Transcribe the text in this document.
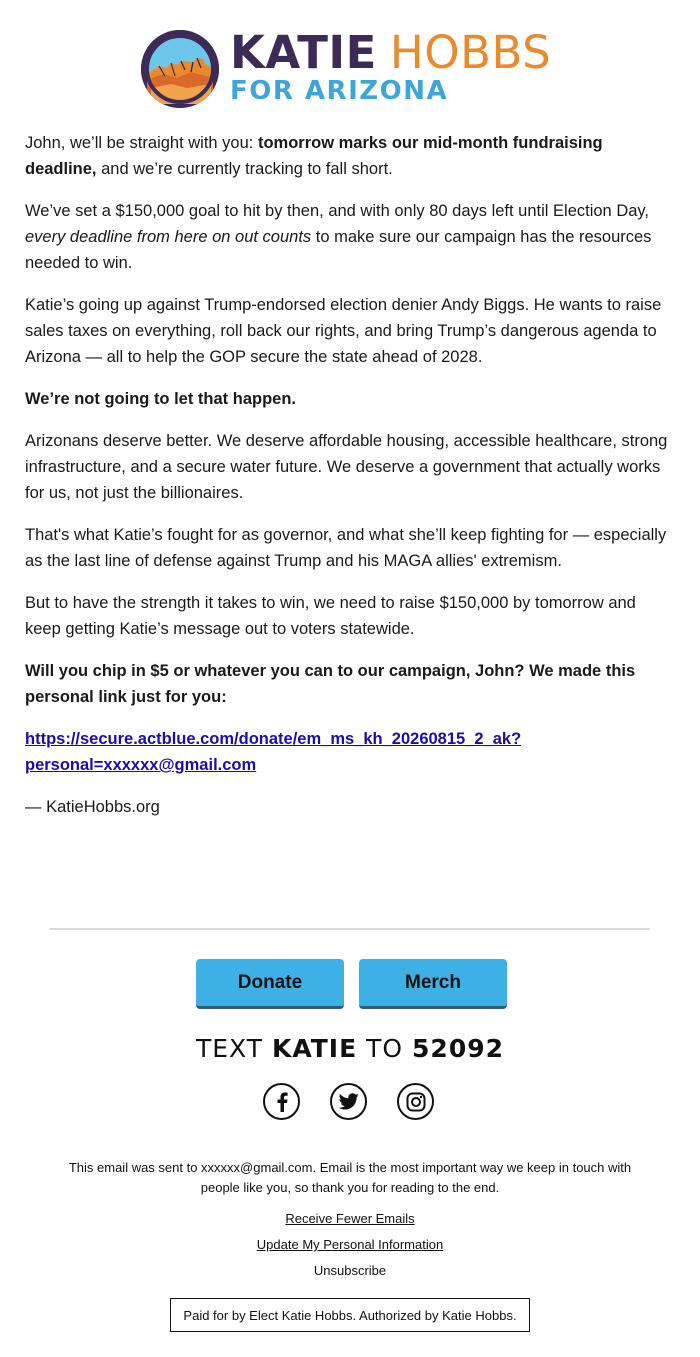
KATIE HOBBS
FOR ARIZONA

John, we’ll be straight with you: tomorrow marks our mid-month fundraising deadline, and we’re currently tracking to fall short.

We’ve set a $150,000 goal to hit by then, and with only 80 days left until Election Day, every deadline from here on out counts to make sure our campaign has the resources needed to win.

Katie’s going up against Trump-endorsed election denier Andy Biggs. He wants to raise sales taxes on everything, roll back our rights, and bring Trump’s dangerous agenda to Arizona — all to help the GOP secure the state ahead of 2028.

We’re not going to let that happen.

Arizonans deserve better. We deserve affordable housing, accessible healthcare, strong infrastructure, and a secure water future. We deserve a government that actually works for us, not just the billionaires.

That's what Katie’s fought for as governor, and what she’ll keep fighting for — especially as the last line of defense against Trump and his MAGA allies' extremism.

But to have the strength it takes to win, we need to raise $150,000 by tomorrow and keep getting Katie’s message out to voters statewide.

Will you chip in $5 or whatever you can to our campaign, John? We made this personal link just for you:

https://secure.actblue.com/donate/em_ms_kh_20260815_2_ak?
personal=xxxxxx@gmail.com

— KatieHobbs.org

Donate	Merch
TEXT KATIE TO 52092
This email was sent to xxxxxx@gmail.com. Email is the most important way we keep in touch with people like you, so thank you for reading to the end.
Receive Fewer Emails
Update My Personal Information
Unsubscribe
Paid for by Elect Katie Hobbs. Authorized by Katie Hobbs.
